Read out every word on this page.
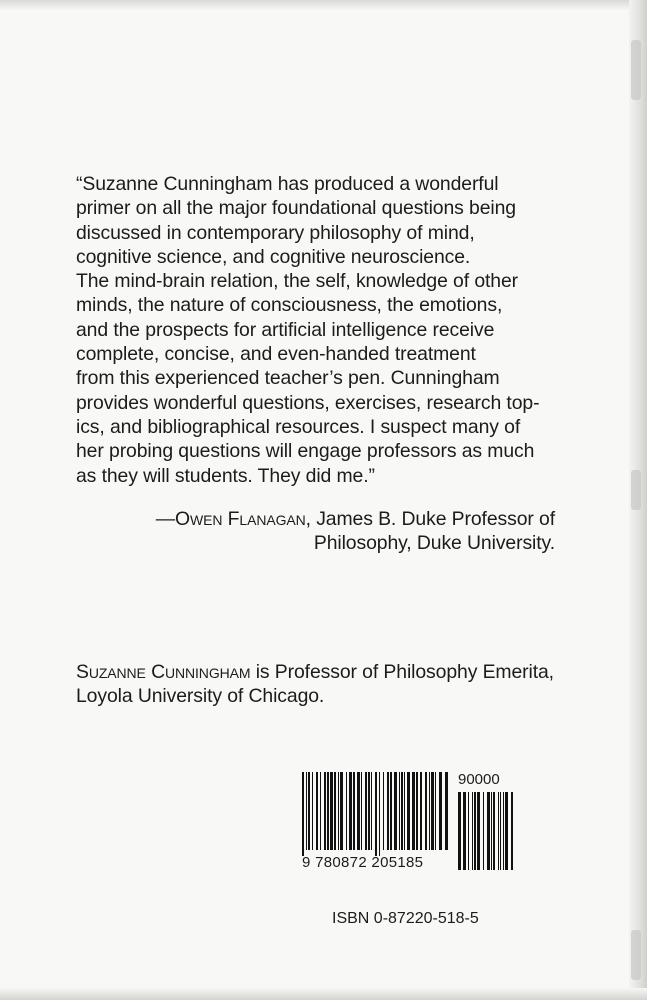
“Suzanne Cunningham has produced a wonderful
primer on all the major foundational questions being
discussed in contemporary philosophy of mind,
cognitive science, and cognitive neuroscience.
The mind-brain relation, the self, knowledge of other
minds, the nature of consciousness, the emotions,
and the prospects for artificial intelligence receive
complete, concise, and even-handed treatment
from this experienced teacher’s pen. Cunningham
provides wonderful questions, exercises, research top-
ics, and bibliographical resources. I suspect many of
her probing questions will engage professors as much
as they will students. They did me.”

—Owen Flanagan, James B. Duke Professor of
Philosophy, Duke University.
Suzanne Cunningham is Professor of Philosophy Emerita,
Loyola University of Chicago.
90000
9 780872 205185
ISBN 0-87220-518-5
